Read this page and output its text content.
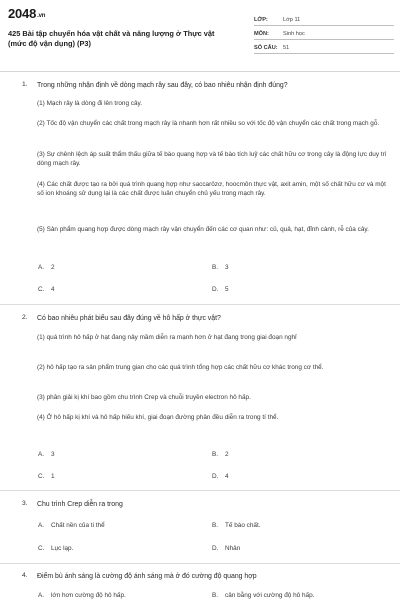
2048.vn
425 Bài tập chuyển hóa vật chất và năng lượng ở Thực vật (mức độ vận dụng) (P3)
LỚP:	Lớp 11
MÔN:	Sinh học
SỐ CÂU: 51
1. Trong những nhận định về dòng mạch rây sau đây, có bao nhiêu nhận định đúng?
(1) Mạch rây là dòng đi lên trong cây.
(2) Tốc độ vận chuyển các chất trong mạch rây là nhanh hơn rất nhiều so với tốc độ vận chuyển các chất trong mạch gỗ.
(3) Sự chênh lệch áp suất thẩm thấu giữa tế bào quang hợp và tế bào tích luỹ các chất hữu cơ trong cây là động lực duy trì dòng mạch rây.
(4) Các chất được tạo ra bởi quá trình quang hợp như saccarôzơ, hoocmôn thực vật, axit amin, một số chất hữu cơ và một số ion khoáng sử dụng lại là các chất được luân chuyển chủ yếu trong mạch rây.
(5) Sản phẩm quang hợp được dòng mạch rây vận chuyển đến các cơ quan như: củ, quả, hạt, đỉnh cành, rễ của cây.
A. 2	B. 3
C. 4	D. 5
2. Có bao nhiêu phát biểu sau đây đúng về hô hấp ở thực vật?
(1) quá trình hô hấp ở hạt đang nảy mầm diễn ra mạnh hơn ở hạt đang trong giai đoạn nghỉ
(2) hô hấp tạo ra sản phẩm trung gian cho các quá trình tổng hợp các chất hữu cơ khác trong cơ thể.
(3) phân giải kị khí bao gồm chu trình Crep và chuỗi truyền electron hô hấp.
(4) Ở hô hấp kị khí và hô hấp hiếu khí, giai đoạn đường phân đều diễn ra trong tí thể.
A. 3	B. 2
C. 1	D. 4
3. Chu trình Crep diễn ra trong
A. Chất nền của ti thể	B. Tế bào chất.
C. Lục lạp.	D. Nhân
4. Điểm bù ánh sáng là cường độ ánh sáng mà ở đó cường độ quang hợp
A. lớn hơn cường độ hô hấp.	B. cân bằng với cường độ hô hấp.
